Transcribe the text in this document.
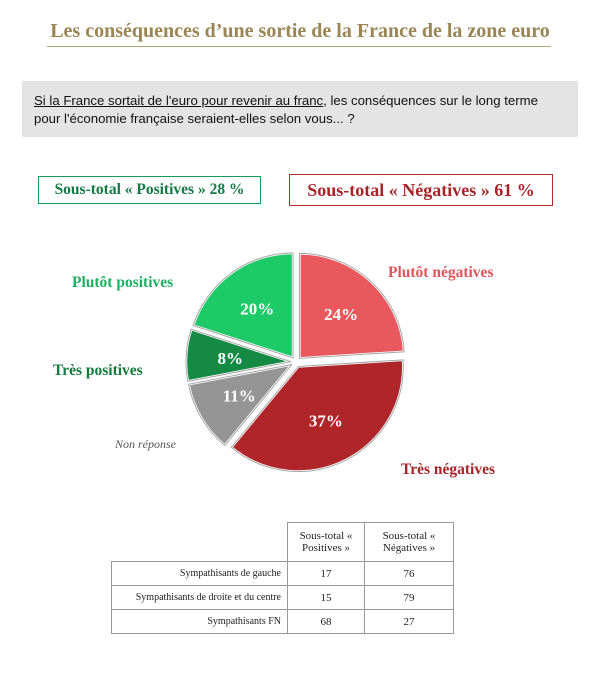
Les conséquences d’une sortie de la France de la zone euro
Si la France sortait de l'euro pour revenir au franc, les conséquences sur le long terme pour l'économie française seraient-elles selon vous... ?
Sous-total « Positives » 28 %	Sous-total « Négatives » 61 %
24%
37%
11%
8%
20%
Plutôt négatives
Très négatives
Non réponse
Très positives
Plutôt positives
	Sous-total « Positives »	Sous-total « Négatives »
Sympathisants de gauche	17	76
Sympathisants de droite et du centre	15	79
Sympathisants FN	68	27
